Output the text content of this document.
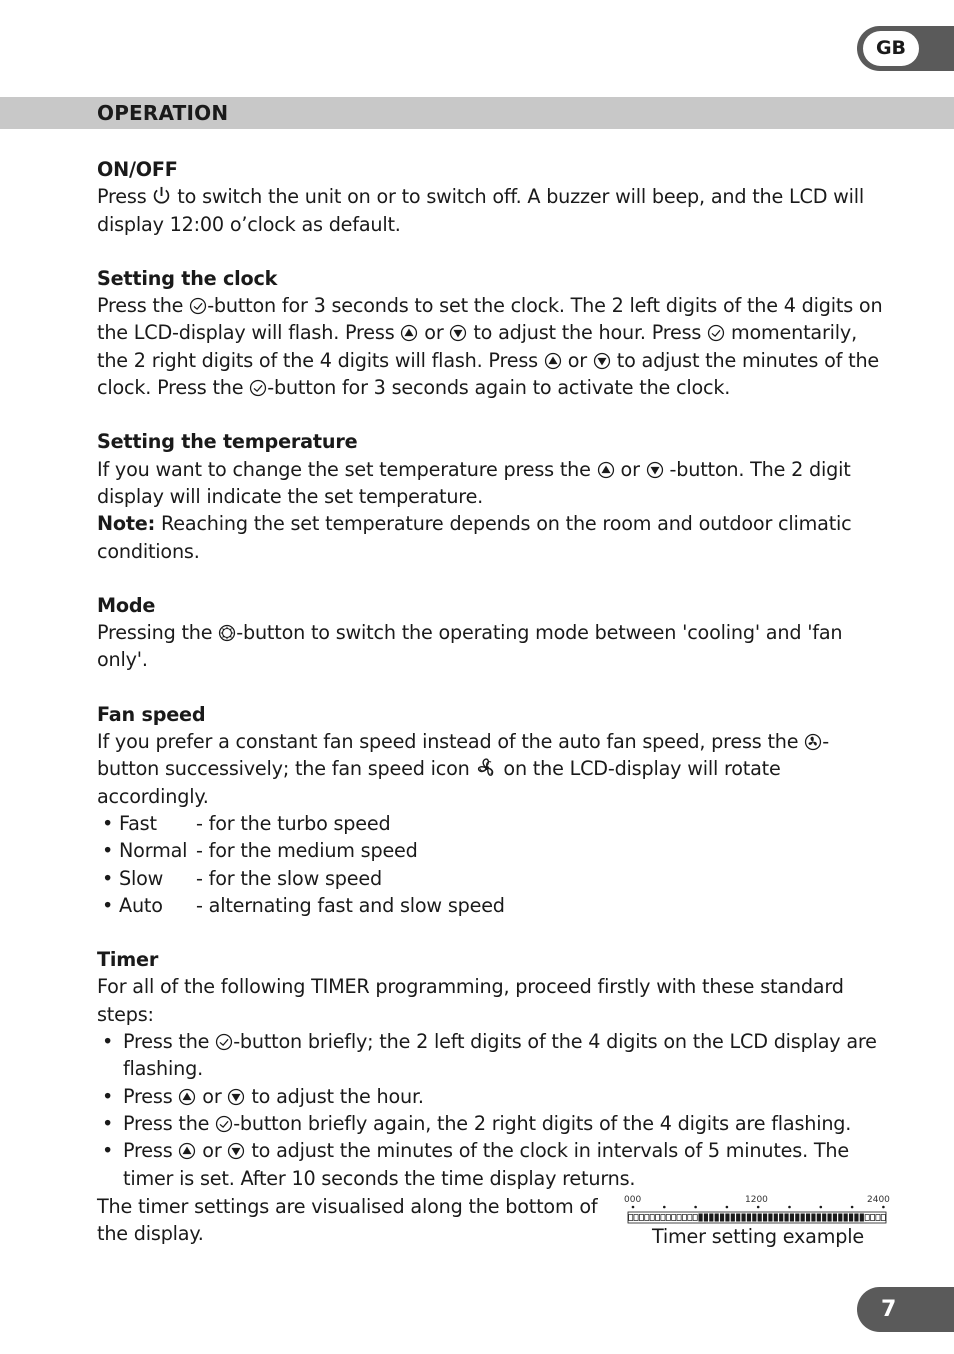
GB
OPERATION
ON/OFF

Press
to switch the unit on or to switch off. A buzzer will beep, and the LCD will display 12:00 o’clock as default.

Setting the clock

Press the
-button for 3 seconds to set the clock. The 2 left digits of the 4 digits on the LCD-display will flash. Press
or
to adjust the hour. Press
momentarily, the 2 right digits of the 4 digits will flash. Press
or
to adjust the minutes of the clock. Press the
-button for 3 seconds again to activate the clock.

Setting the temperature

If you want to change the set temperature press the
or
-button. The 2 digit display will indicate the set temperature.

Note: Reaching the set temperature depends on the room and outdoor climatic conditions.

Mode

Pressing the
-button to switch the operating mode between 'cooling' and 'fan only'.

Fan speed

If you prefer a constant fan speed instead of the auto fan speed, press the
-button successively; the fan speed icon
on the LCD-display will rotate accordingly.

• Fast - for the turbo speed
• Normal - for the medium speed
• Slow - for the slow speed
• Auto - alternating fast and slow speed
Timer

For all of the following TIMER programming, proceed firstly with these standard steps:

• Press the
-button briefly; the 2 left digits of the 4 digits on the LCD display are flashing.
• Press
or
to adjust the hour.
• Press the
-button briefly again, the 2 right digits of the 4 digits are flashing.
• Press
or
to adjust the minutes of the clock in intervals of 5 minutes. The timer is set. After 10 seconds the time display returns.
The timer settings are visualised along the bottom of the display.
000	1200	2400
Timer setting example
7
